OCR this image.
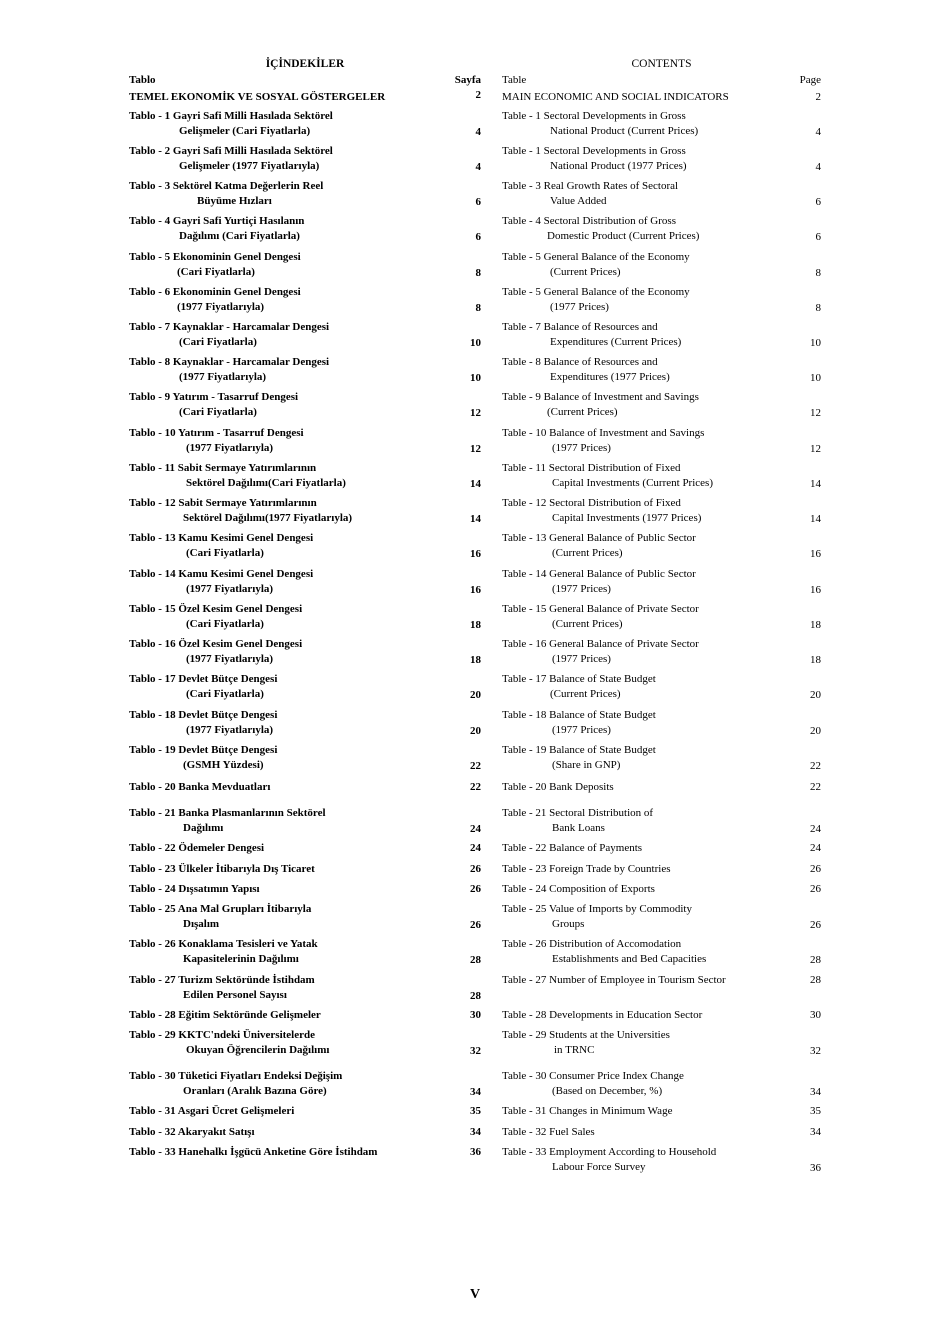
İÇİNDEKİLER
Tablo	Sayfa
TEMEL EKONOMİK VE SOSYAL GÖSTERGELER	2
Tablo - 1 Gayri Safi Milli Hasılada Sektörel
Gelişmeler (Cari Fiyatlarla)	4
Tablo - 2 Gayri Safi Milli Hasılada Sektörel
Gelişmeler (1977 Fiyatlarıyla)	4
Tablo - 3 Sektörel Katma Değerlerin Reel
Büyüme Hızları	6
Tablo - 4 Gayri Safi Yurtiçi Hasılanın
Dağılımı (Cari Fiyatlarla)	6
Tablo - 5 Ekonominin Genel Dengesi
(Cari Fiyatlarla)	8
Tablo - 6 Ekonominin Genel Dengesi
(1977 Fiyatlarıyla)	8
Tablo - 7 Kaynaklar - Harcamalar Dengesi
(Cari Fiyatlarla)	10
Tablo - 8 Kaynaklar - Harcamalar Dengesi
(1977 Fiyatlarıyla)	10
Tablo - 9 Yatırım - Tasarruf Dengesi
(Cari Fiyatlarla)	12
Tablo - 10 Yatırım - Tasarruf Dengesi
(1977 Fiyatlarıyla)	12
Tablo - 11 Sabit Sermaye Yatırımlarının
Sektörel Dağılımı(Cari Fiyatlarla)	14
Tablo - 12 Sabit Sermaye Yatırımlarının
Sektörel Dağılımı(1977 Fiyatlarıyla)	14
Tablo - 13 Kamu Kesimi Genel Dengesi
(Cari Fiyatlarla)	16
Tablo - 14 Kamu Kesimi Genel Dengesi
(1977 Fiyatlarıyla)	16
Tablo - 15 Özel Kesim Genel Dengesi
(Cari Fiyatlarla)	18
Tablo - 16 Özel Kesim Genel Dengesi
(1977 Fiyatlarıyla)	18
Tablo - 17 Devlet Bütçe Dengesi
(Cari Fiyatlarla)	20
Tablo - 18 Devlet Bütçe Dengesi
(1977 Fiyatlarıyla)	20
Tablo - 19 Devlet Bütçe Dengesi
(GSMH Yüzdesi)	22
Tablo - 20 Banka Mevduatları	22
Tablo - 21 Banka Plasmanlarının Sektörel
Dağılımı	24
Tablo - 22 Ödemeler Dengesi	24
Tablo - 23 Ülkeler İtibarıyla Dış Ticaret	26
Tablo - 24 Dışsatımın Yapısı	26
Tablo - 25 Ana Mal Grupları İtibarıyla
Dışalım	26
Tablo - 26 Konaklama Tesisleri ve Yatak
Kapasitelerinin Dağılımı	28
Tablo - 27 Turizm Sektöründe İstihdam
Edilen Personel Sayısı	28
Tablo - 28 Eğitim Sektöründe Gelişmeler	30
Tablo - 29 KKTC'ndeki Üniversitelerde
Okuyan Öğrencilerin Dağılımı	32
Tablo - 30 Tüketici Fiyatları Endeksi Değişim
Oranları (Aralık Bazına Göre)	34
Tablo - 31 Asgari Ücret Gelişmeleri	35
Tablo - 32 Akaryakıt Satışı	34
Tablo - 33 Hanehalkı İşgücü Anketine Göre İstihdam	36
CONTENTS
Table	Page
MAIN ECONOMIC AND SOCIAL INDICATORS	2
Table - 1 Sectoral Developments in Gross
National Product (Current Prices)	4
Table - 1 Sectoral Developments in Gross
National Product (1977 Prices)	4
Table - 3 Real Growth Rates of Sectoral
Value Added	6
Table - 4 Sectoral Distribution of Gross
Domestic Product (Current Prices)	6
Table - 5 General Balance of the Economy
(Current Prices)	8
Table - 5 General Balance of the Economy
(1977 Prices)	8
Table - 7 Balance of Resources and
Expenditures (Current Prices)	10
Table - 8 Balance of Resources and
Expenditures (1977 Prices)	10
Table - 9 Balance of Investment and Savings
(Current Prices)	12
Table - 10 Balance of Investment and Savings
(1977 Prices)	12
Table - 11 Sectoral Distribution of Fixed
Capital Investments (Current Prices)	14
Table - 12 Sectoral Distribution of Fixed
Capital Investments (1977 Prices)	14
Table - 13 General Balance of Public Sector
(Current Prices)	16
Table - 14 General Balance of Public Sector
(1977 Prices)	16
Table - 15 General Balance of Private Sector
(Current Prices)	18
Table - 16 General Balance of Private Sector
(1977 Prices)	18
Table - 17 Balance of State Budget
(Current Prices)	20
Table - 18 Balance of State Budget
(1977 Prices)	20
Table - 19 Balance of State Budget
(Share in GNP)	22
Table - 20 Bank Deposits	22
Table - 21 Sectoral Distribution of
Bank Loans	24
Table - 22 Balance of Payments	24
Table - 23 Foreign Trade by Countries	26
Table - 24 Composition of Exports	26
Table - 25 Value of Imports by Commodity
Groups	26
Table - 26 Distribution of Accomodation
Establishments and Bed Capacities	28
Table - 27 Number of Employee in Tourism Sector	28
Table - 28 Developments in Education Sector	30
Table - 29 Students at the Universities
in TRNC	32
Table - 30 Consumer Price Index Change
(Based on December, %)	34
Table - 31 Changes in Minimum Wage	35
Table - 32 Fuel Sales	34
Table - 33 Employment According to Household
Labour Force Survey	36
V
